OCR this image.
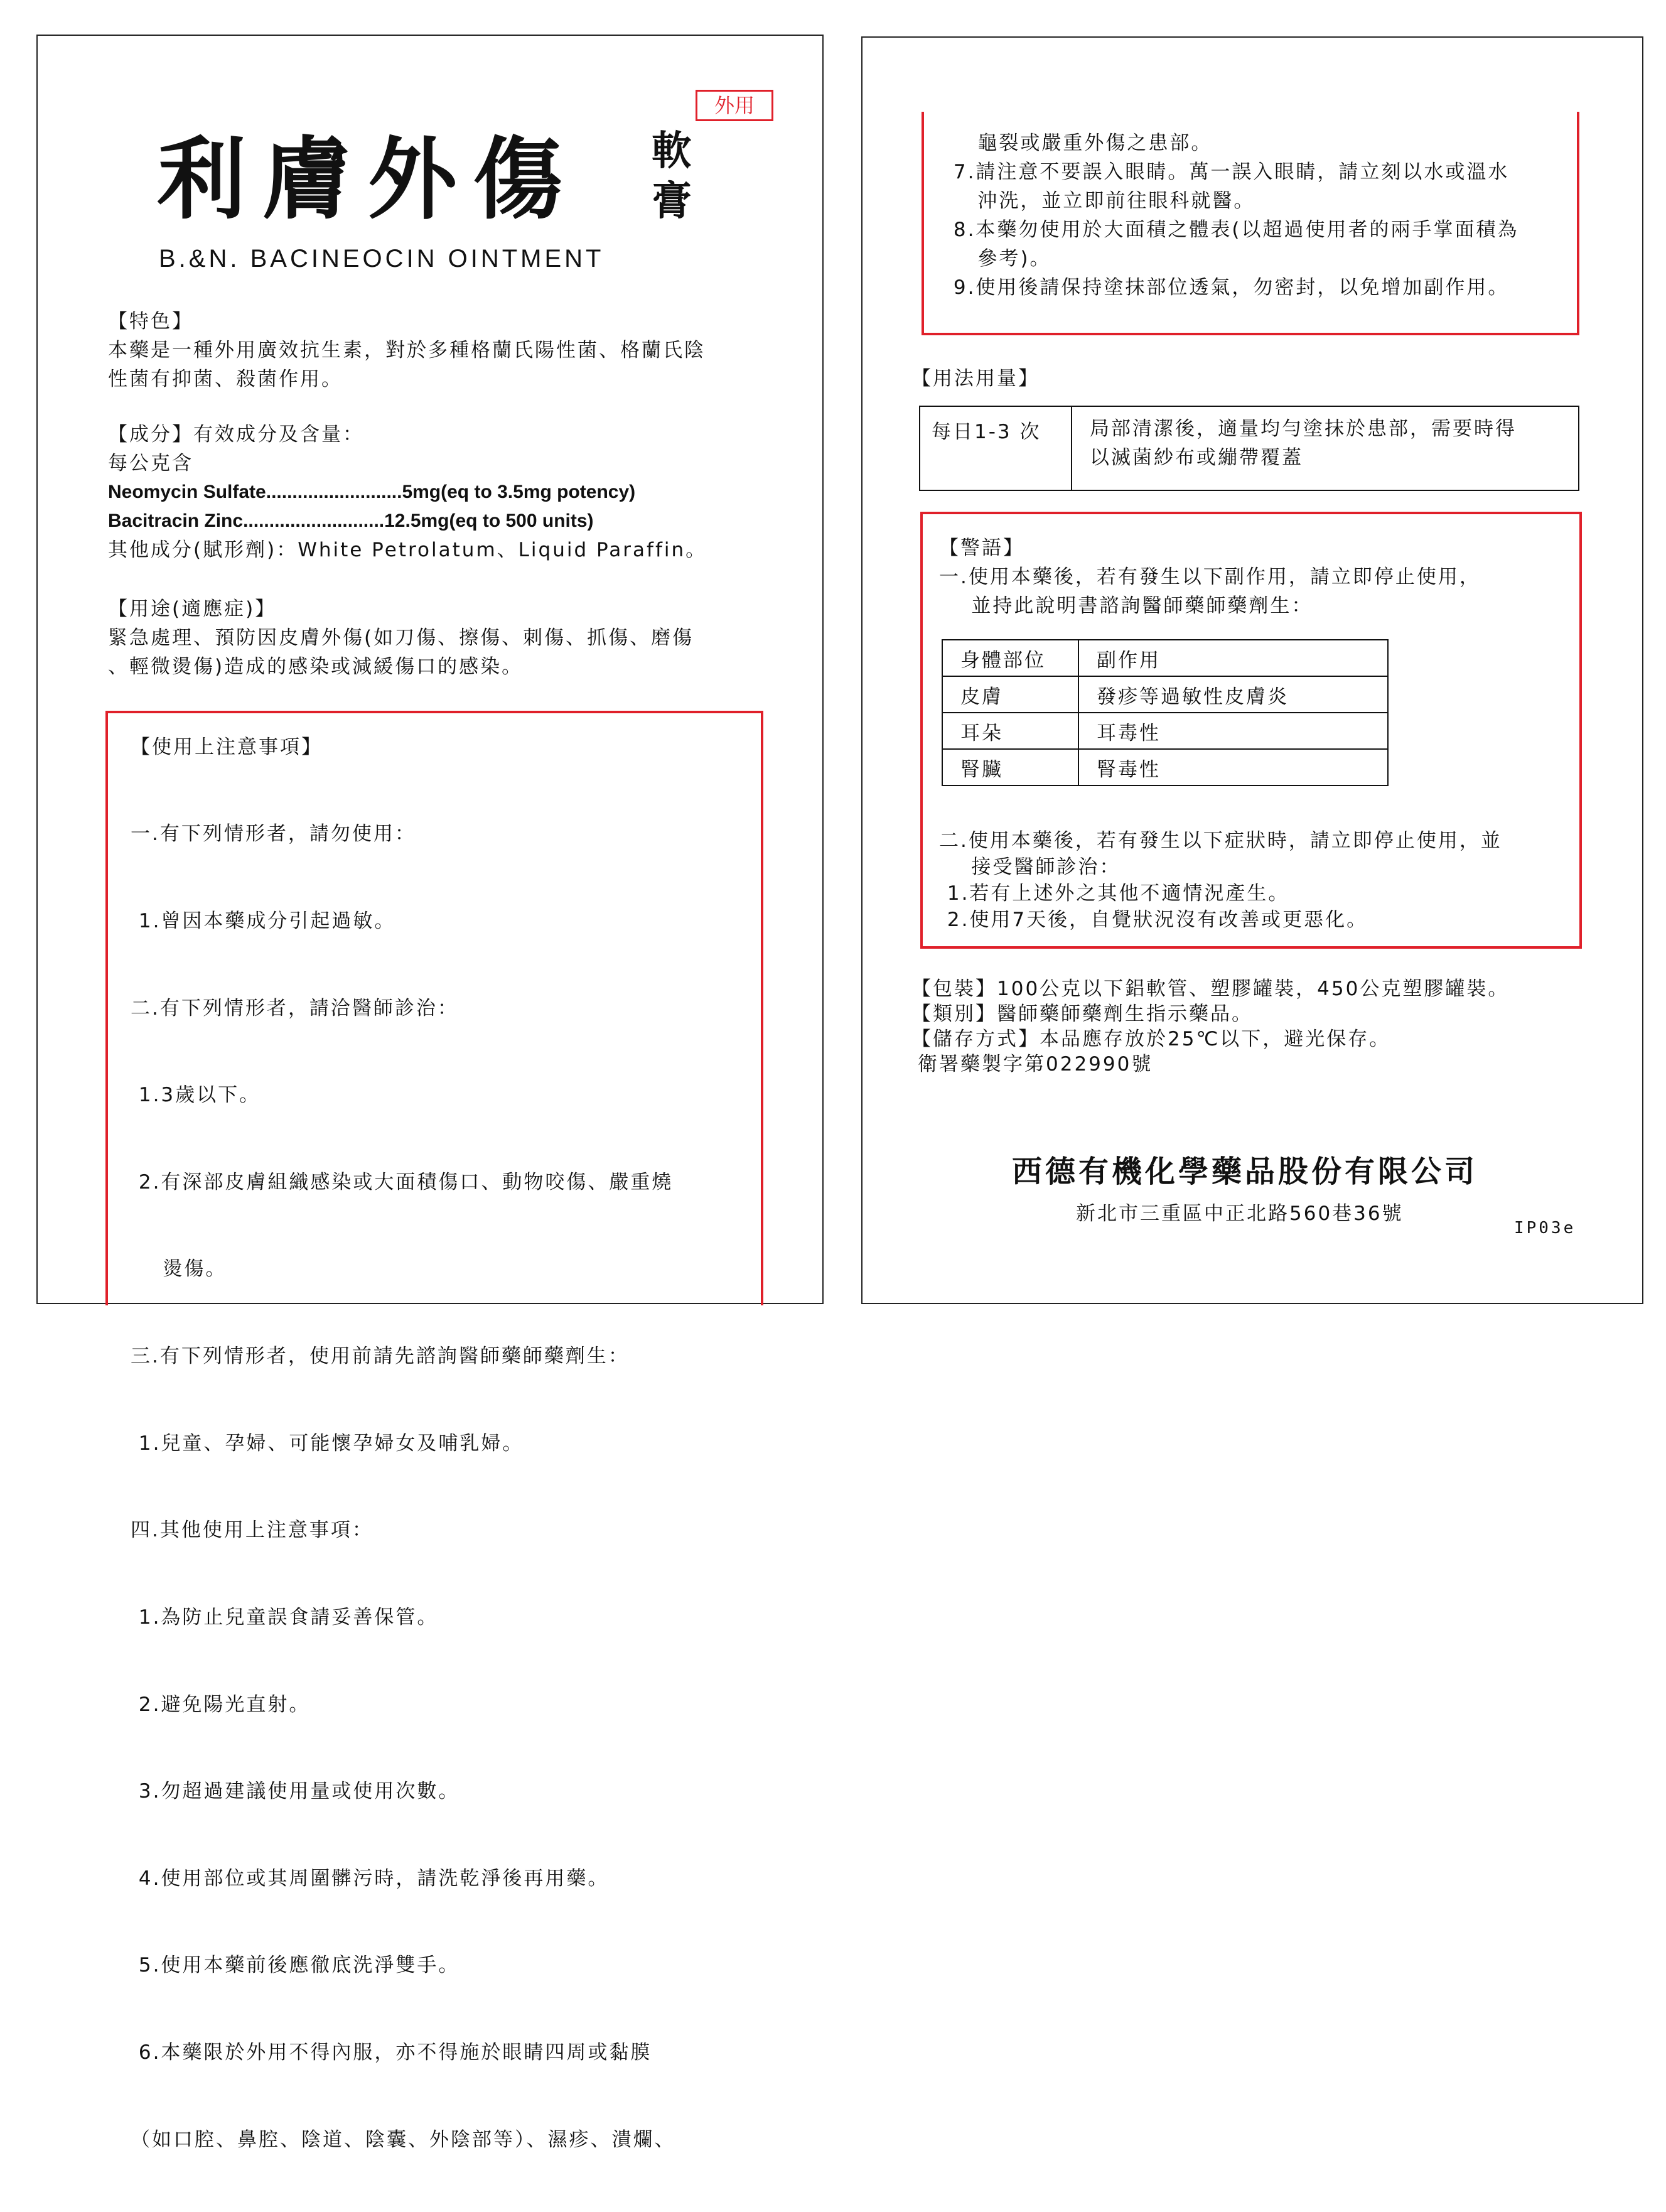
外用
利膚外傷 軟
膏
B.&N. BACINEOCIN OINTMENT
【特色】
本藥是一種外用廣效抗生素，對於多種格蘭氏陽性菌、格蘭氏陰
性菌有抑菌、殺菌作用。
【成分】有效成分及含量：
每公克含
Neomycin Sulfate..........................5mg(eq to 3.5mg potency)
Bacitracin Zinc...........................12.5mg(eq to 500 units)
其他成分(賦形劑)：White Petrolatum、Liquid Paraffin。
【用途(適應症)】
緊急處理、預防因皮膚外傷(如刀傷、擦傷、刺傷、抓傷、磨傷
、輕微燙傷)造成的感染或減緩傷口的感染。
【使用上注意事項】

一.有下列情形者，請勿使用：

1.曾因本藥成分引起過敏。

二.有下列情形者，請洽醫師診治：

1.3歲以下。

2.有深部皮膚組織感染或大面積傷口、動物咬傷、嚴重燒

燙傷。

三.有下列情形者，使用前請先諮詢醫師藥師藥劑生：

1.兒童、孕婦、可能懷孕婦女及哺乳婦。

四.其他使用上注意事項：

1.為防止兒童誤食請妥善保管。

2.避免陽光直射。

3.勿超過建議使用量或使用次數。

4.使用部位或其周圍髒污時，請洗乾淨後再用藥。

5.使用本藥前後應徹底洗淨雙手。

6.本藥限於外用不得內服，亦不得施於眼睛四周或黏膜

（如口腔、鼻腔、陰道、陰囊、外陰部等）、濕疹、潰爛、

龜裂或嚴重外傷之患部。
7.請注意不要誤入眼睛。萬一誤入眼睛，請立刻以水或溫水
沖洗，並立即前往眼科就醫。
8.本藥勿使用於大面積之體表(以超過使用者的兩手掌面積為
參考)。
9.使用後請保持塗抹部位透氣，勿密封，以免增加副作用。
【用法用量】
每日1-3 次	局部清潔後，適量均勻塗抹於患部，需要時得
以滅菌紗布或繃帶覆蓋
【警語】
一.使用本藥後，若有發生以下副作用，請立即停止使用，
並持此說明書諮詢醫師藥師藥劑生：
身體部位	副作用
皮膚	發疹等過敏性皮膚炎
耳朵	耳毒性
腎臟	腎毒性
二.使用本藥後，若有發生以下症狀時，請立即停止使用，並
接受醫師診治：
1.若有上述外之其他不適情況產生。
2.使用7天後，自覺狀況沒有改善或更惡化。
【包裝】100公克以下鋁軟管、塑膠罐裝，450公克塑膠罐裝。
【類別】醫師藥師藥劑生指示藥品。
【儲存方式】本品應存放於25℃以下，避光保存。
衛署藥製字第022990號
西德有機化學藥品股份有限公司
新北市三重區中正北路560巷36號
IP03e
